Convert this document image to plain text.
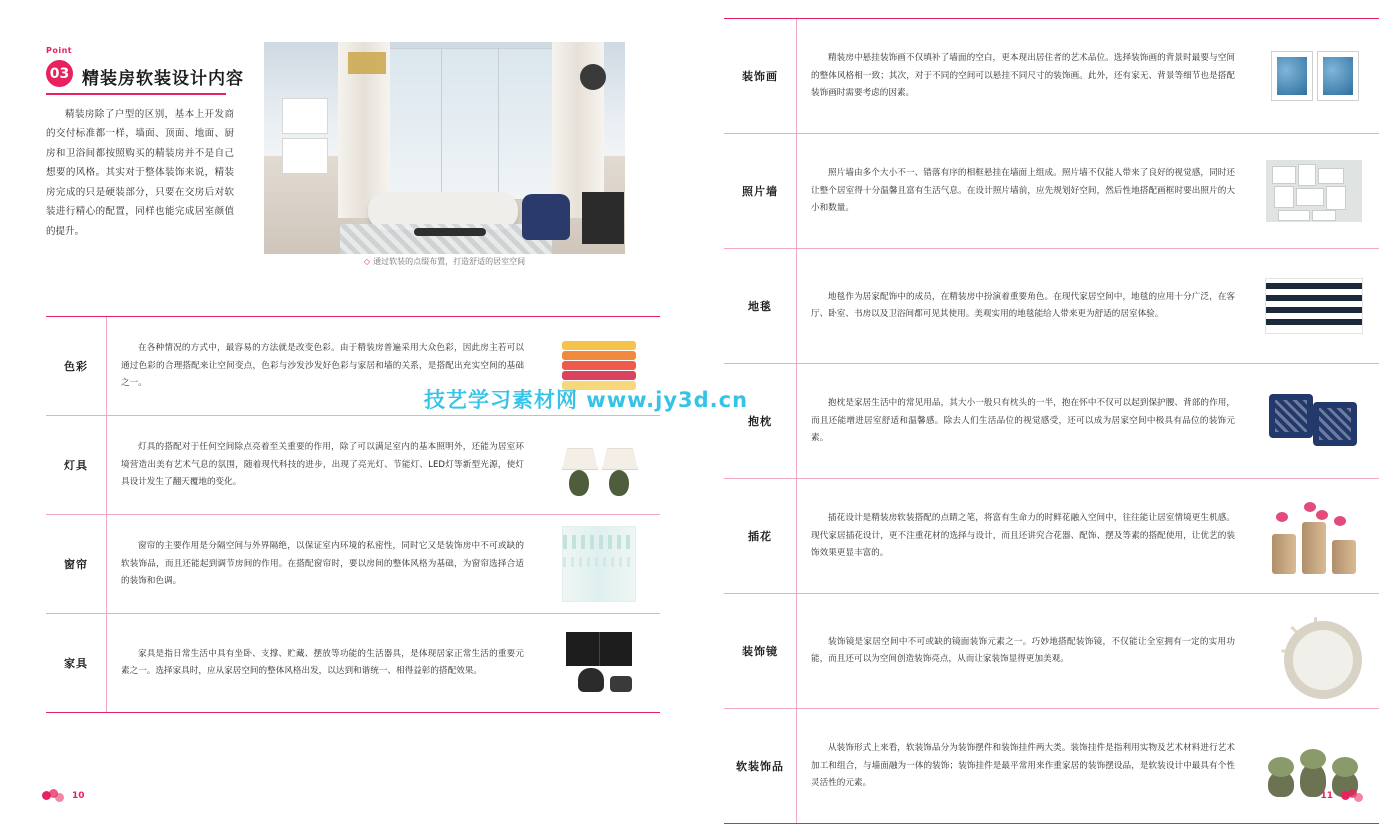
Point
03 精装房软装设计内容
精装房除了户型的区别，基本上开发商的交付标准都一样，墙面、顶面、地面、厨房和卫浴间都按照购买的精装房并不是自己想要的风格。其实对于整体装饰来说，精装房完成的只是硬装部分，只要在交房后对软装进行精心的配置，同样也能完成居室颜值的提升。
◇ 通过软装的点缀布置，打造舒适的居室空间
色彩

在各种情况的方式中，最容易的方法就是改变色彩。由于精装房普遍采用大众色彩，因此房主若可以通过色彩的合理搭配来让空间变点，色彩与沙发沙发好色彩与家居和墙的关系，是搭配出充实空间的基础之一。

灯具

灯具的搭配对于任何空间除点亮着至关重要的作用，除了可以满足室内的基本照明外，还能为居室环境营造出美有艺术气息的氛围，随着现代科技的进步，出现了亮光灯、节能灯、LED灯等新型光源，使灯具设计发生了翻天覆地的变化。

窗帘

窗帘的主要作用是分隔空间与外界隔绝，以保证室内环境的私密性，同时它又是装饰房中不可或缺的软装饰品，而且还能起到调节房间的作用。在搭配窗帘时，要以房间的整体风格为基础，为窗帘选择合适的装饰和色调。

家具

家具是指日常生活中具有坐卧、支撑、贮藏、摆放等功能的生活器具，是体现居家正常生活的重要元素之一。选择家具时，应从家居空间的整体风格出发，以达到和谐统一、相得益彰的搭配效果。

10
装饰画

精装房中悬挂装饰画不仅填补了墙面的空白，更本现出居住者的艺术品位。选择装饰画的背景时最要与空间的整体风格相一致；其次，对于不同的空间可以悬挂不同尺寸的装饰画。此外，还有家无、背景等细节也是搭配装饰画时需要考虑的因素。

照片墙

照片墙由多个大小不一、错落有序的相框悬挂在墙面上组成。照片墙不仅能人带来了良好的视觉感，同时还让整个居室得十分温馨且富有生活气息。在设计照片墙前，应先规划好空间，然后性地搭配画框时要出照片的大小和数量。

地毯

地毯作为居家配饰中的成员，在精装房中扮演着重要角色。在现代家居空间中，地毯的应用十分广泛，在客厅、卧室、书房以及卫浴间都可见其使用。美观实用的地毯能给人带来更为舒适的居室体验。

抱枕

抱枕是家居生活中的常见用品，其大小一般只有枕头的一半，抱在怀中不仅可以起到保护腰、背部的作用，而且还能增进居室舒适和温馨感。除去人们生活品位的视觉感受，还可以成为居家空间中极具有品位的装饰元素。

插花

插花设计是精装房软装搭配的点睛之笔，将富有生命力的时鲜花融入空间中，往往能让居室情境更生机感。现代家居插花设计，更不注重花材的选择与设计，而且还讲究合花器、配饰、摆及等素的搭配使用，让优艺的装饰效果更显丰富的。

装饰镜

装饰镜是家居空间中不可或缺的镜面装饰元素之一。巧妙地搭配装饰镜，不仅能让全室拥有一定的实用功能，而且还可以为空间创造装饰亮点，从而让家装饰显得更加美观。

软装饰品

从装饰形式上来看，软装饰品分为装饰摆件和装饰挂件两大类。装饰挂件是指利用实物及艺术材料进行艺术加工和组合，与墙面融为一体的装饰；装饰挂件是最平常用来作重家居的装饰摆设品，是软装设计中最具有个性灵活性的元素。

11
技艺学习素材网 www.jy3d.cn
